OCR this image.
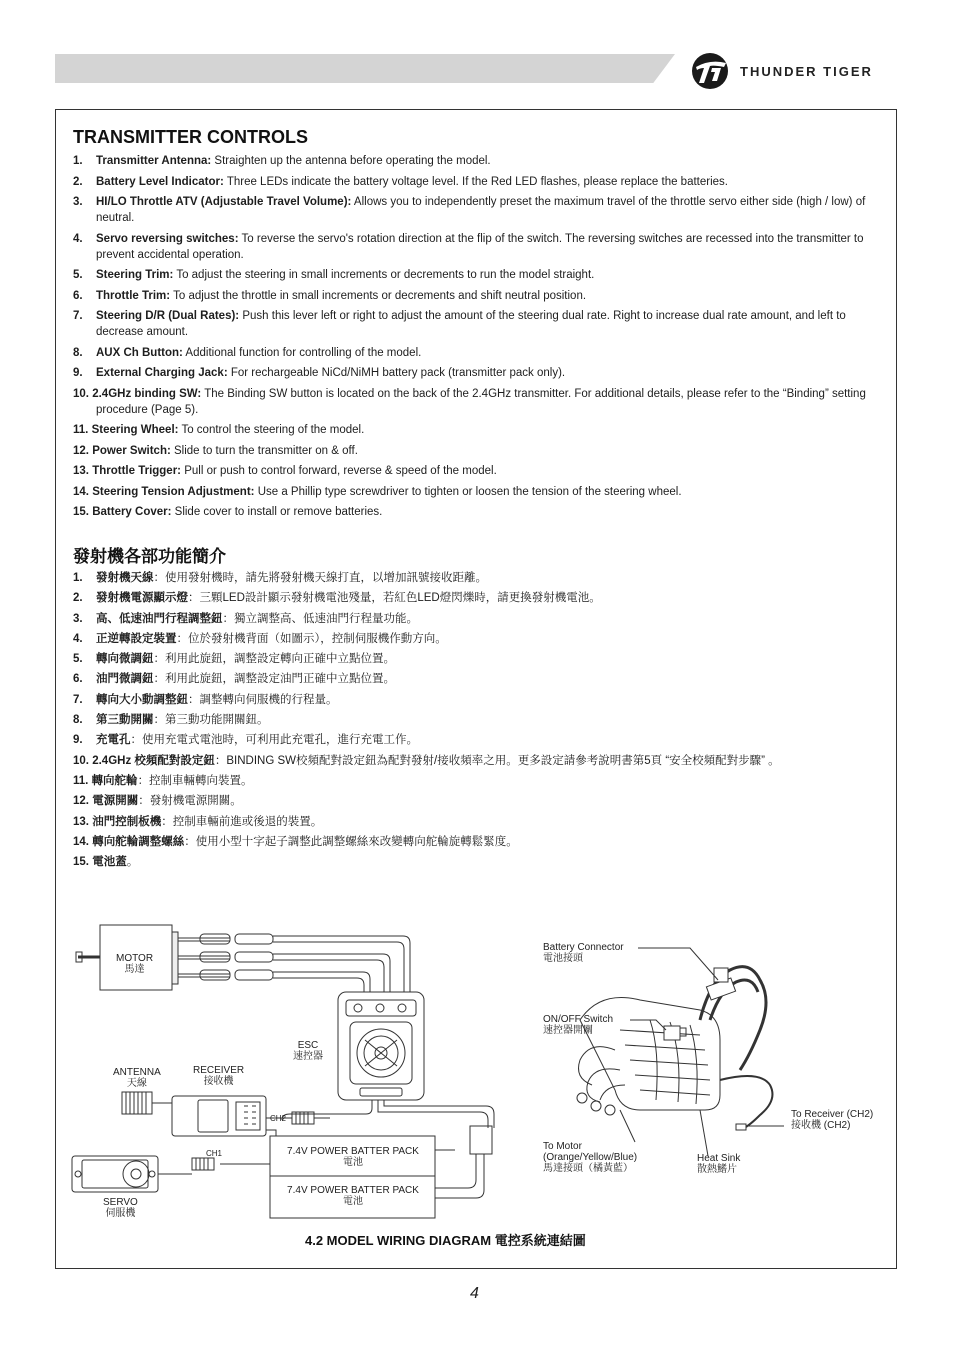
THUNDER TIGER
TRANSMITTER CONTROLS
1. Transmitter Antenna: Straighten up the antenna before operating the model.
2. Battery Level Indicator: Three LEDs indicate the battery voltage level. If the Red LED flashes, please replace the batteries.
3. HI/LO Throttle ATV (Adjustable Travel Volume): Allows you to independently preset the maximum travel of the throttle servo either side (high / low) of neutral.
4. Servo reversing switches: To reverse the servo's rotation direction at the flip of the switch. The reversing switches are recessed into the transmitter to prevent accidental operation.
5. Steering Trim: To adjust the steering in small increments or decrements to run the model straight.
6. Throttle Trim: To adjust the throttle in small increments or decrements and shift neutral position.
7. Steering D/R (Dual Rates): Push this lever left or right to adjust the amount of the steering dual rate. Right to increase dual rate amount, and left to decrease amount.
8. AUX Ch Button: Additional function for controlling of the model.
9. External Charging Jack: For rechargeable NiCd/NiMH battery pack (transmitter pack only).
10. 2.4GHz binding SW: The Binding SW button is located on the back of the 2.4GHz transmitter. For additional details, please refer to the “Binding” setting procedure (Page 5).
11. Steering Wheel: To control the steering of the model.
12. Power Switch: Slide to turn the transmitter on & off.
13. Throttle Trigger: Pull or push to control forward, reverse & speed of the model.
14. Steering Tension Adjustment: Use a Phillip type screwdriver to tighten or loosen the tension of the steering wheel.
15. Battery Cover: Slide cover to install or remove batteries.
發射機各部功能簡介
1. 發射機天線：使用發射機時，請先將發射機天線打直，以增加訊號接收距離。
2. 發射機電源顯示燈：三顆LED設計顯示發射機電池殘量，若紅色LED燈閃爍時，請更換發射機電池。
3. 高、低速油門行程調整鈕：獨立調整高、低速油門行程量功能。
4. 正逆轉設定裝置：位於發射機背面（如圖示），控制伺服機作動方向。
5. 轉向微調鈕：利用此旋鈕，調整設定轉向正確中立點位置。
6. 油門微調鈕：利用此旋鈕，調整設定油門正確中立點位置。
7. 轉向大小動調整鈕：調整轉向伺服機的行程量。
8. 第三動開關：第三動功能開關鈕。
9. 充電孔：使用充電式電池時，可利用此充電孔，進行充電工作。
10. 2.4GHz 校頻配對設定鈕：BINDING SW校頻配對設定鈕為配對發射/接收頻率之用。更多設定請參考說明書第5頁 “安全校頻配對步驟” 。
11. 轉向舵輪：控制車輛轉向裝置。
12. 電源開關：發射機電源開關。
13. 油門控制板機：控制車輛前進或後退的裝置。
14. 轉向舵輪調整螺絲：使用小型十字起子調整此調整螺絲來改變轉向舵輪旋轉鬆緊度。
15. 電池蓋。
MOTOR
馬達
ESC
速控器
ANTENNA
天線
RECEIVER
接收機
CH2
CH1
SERVO
伺服機
7.4V POWER BATTER PACK
電池
7.4V POWER BATTER PACK
電池
Battery Connector
電池接頭
ON/OFF Switch
速控器開關
To Receiver (CH2)
接收機 (CH2)
To Motor
(Orange/Yellow/Blue)
馬達接頭（橘黃藍）
Heat Sink
散熱鰭片
4.2 MODEL WIRING DIAGRAM 電控系統連結圖
4
